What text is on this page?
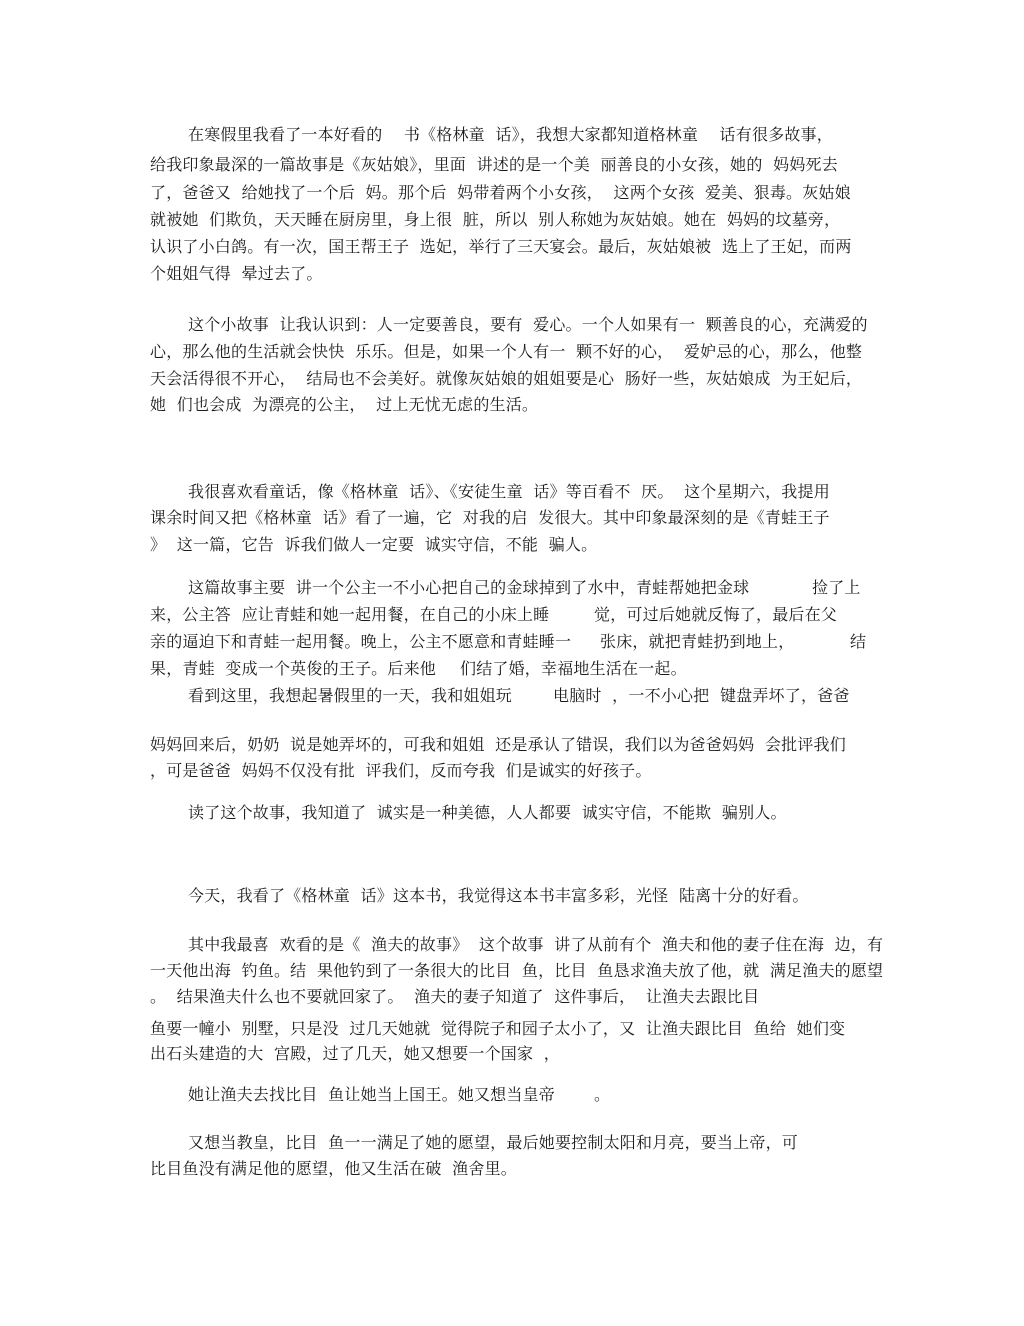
在寒假里我看了一本好看的　 书《格林童  话》，我想大家都知道格林童　 话有很多故事，
给我印象最深的一篇故事是《灰姑娘》，里面  讲述的是一个美  丽善良的小女孩，她的  妈妈死去
了，爸爸又  给她找了一个后  妈。那个后  妈带着两个小女孩，  这两个女孩  爱美、狠毒。灰姑娘
就被她  们欺负，天天睡在厨房里，身上很  脏，所以  别人称她为灰姑娘。她在  妈妈的坟墓旁，
认识了小白鸽。有一次，国王帮王子  选妃，举行了三天宴会。最后，灰姑娘被  选上了王妃，而两
个姐姐气得  晕过去了。
这个小故事  让我认识到：人一定要善良，要有  爱心。一个人如果有一  颗善良的心，充满爱的
心，那么他的生活就会快快  乐乐。但是，如果一个人有一  颗不好的心，  爱妒忌的心，那么，他整
天会活得很不开心，  结局也不会美好。就像灰姑娘的姐姐要是心  肠好一些，灰姑娘成  为王妃后，
她  们也会成  为漂亮的公主，  过上无忧无虑的生活。
我很喜欢看童话，像《格林童  话》、《安徒生童  话》等百看不  厌。  这个星期六，我提用
课余时间又把《格林童  话》看了一遍，它  对我的启  发很大。其中印象最深刻的是《青蛙王子
》  这一篇，它告  诉我们做人一定要  诚实守信，不能  骗人。
这篇故事主要  讲一个公主一不小心把自己的金球掉到了水中，青蛙帮她把金球	捡了上
来，公主答  应让青蛙和她一起用餐，在自己的小床上睡	觉，可过后她就反悔了，最后在父
亲的逼迫下和青蛙一起用餐。晚上，公主不愿意和青蛙睡一 张床，就把青蛙扔到地上，	结
果，青蛙  变成一个英俊的王子。后来他 们结了婚，幸福地生活在一起。
看到这里，我想起暑假里的一天，我和姐姐玩	电脑时  ，一不小心把  键盘弄坏了，爸爸
妈妈回来后，奶奶  说是她弄坏的，可我和姐姐  还是承认了错误，我们以为爸爸妈妈  会批评我们
，可是爸爸  妈妈不仅没有批  评我们，反而夸我  们是诚实的好孩子。
读了这个故事，我知道了  诚实是一种美德，人人都要  诚实守信，不能欺  骗别人。
今天，我看了《格林童  话》这本书，我觉得这本书丰富多彩，光怪  陆离十分的好看。
其中我最喜  欢看的是《  渔夫的故事》  这个故事  讲了从前有个  渔夫和他的妻子住在海  边，有
一天他出海  钓鱼。结  果他钓到了一条很大的比目  鱼，比目  鱼恳求渔夫放了他，就  满足渔夫的愿望
。  结果渔夫什么也不要就回家了。  渔夫的妻子知道了  这件事后，  让渔夫去跟比目
鱼要一幢小  别墅，只是没  过几天她就  觉得院子和园子太小了，又  让渔夫跟比目  鱼给  她们变
出石头建造的大  宫殿，过了几天，她又想要一个国家  ，
她让渔夫去找比目  鱼让她当上国王。她又想当皇帝 。
又想当教皇，比目  鱼一一满足了她的愿望，最后她要控制太阳和月亮，要当上帝，可
比目鱼没有满足他的愿望，他又生活在破  渔舍里。
